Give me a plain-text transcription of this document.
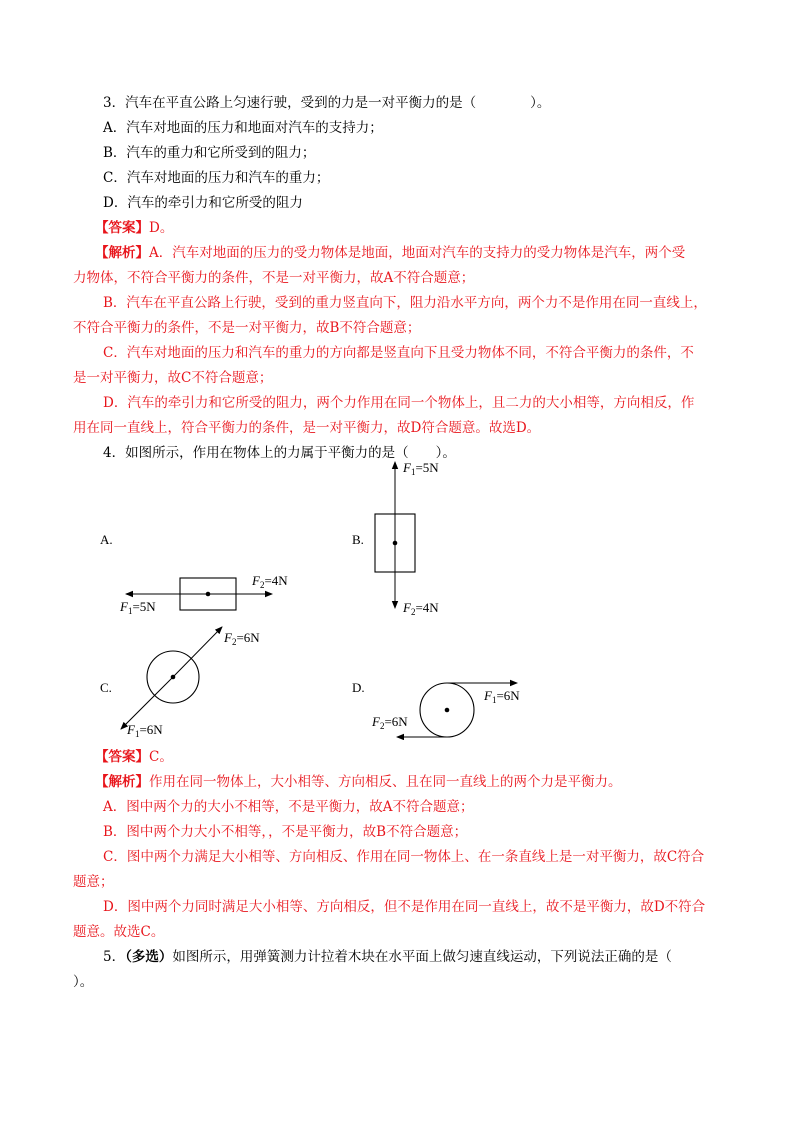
3．汽车在平直公路上匀速行驶，受到的力是一对平衡力的是（　　　　）。
A．汽车对地面的压力和地面对汽车的支持力；
B．汽车的重力和它所受到的阻力；
C．汽车对地面的压力和汽车的重力；
D．汽车的牵引力和它所受的阻力
【答案】D。
【解析】A．汽车对地面的压力的受力物体是地面，地面对汽车的支持力的受力物体是汽车，两个受
力物体，不符合平衡力的条件，不是一对平衡力，故A不符合题意；
B．汽车在平直公路上行驶，受到的重力竖直向下，阻力沿水平方向，两个力不是作用在同一直线上，
不符合平衡力的条件，不是一对平衡力，故B不符合题意；
C．汽车对地面的压力和汽车的重力的方向都是竖直向下且受力物体不同，不符合平衡力的条件，不
是一对平衡力，故C不符合题意；
D．汽车的牵引力和它所受的阻力，两个力作用在同一个物体上，且二力的大小相等，方向相反，作
用在同一直线上，符合平衡力的条件，是一对平衡力，故D符合题意。故选D。
4．如图所示，作用在物体上的力属于平衡力的是（　　）。
A.
$F_2=4N$
$F_1=5N$
B.
$F_1=5N$
$F_2=4N$
C.
$F_2=6N$
$F_1=6N$
D.
$F_1=6N$
$F_2=6N$
【答案】C。
【解析】作用在同一物体上，大小相等、方向相反、且在同一直线上的两个力是平衡力。
A．图中两个力的大小不相等，不是平衡力，故A不符合题意；
B．图中两个力大小不相等，，不是平衡力，故B不符合题意；
C．图中两个力满足大小相等、方向相反、作用在同一物体上、在一条直线上是一对平衡力，故C符合
题意；
D．图中两个力同时满足大小相等、方向相反，但不是作用在同一直线上，故不是平衡力，故D不符合
题意。故选C。
5．（多选）如图所示，用弹簧测力计拉着木块在水平面上做匀速直线运动，下列说法正确的是（
）。
